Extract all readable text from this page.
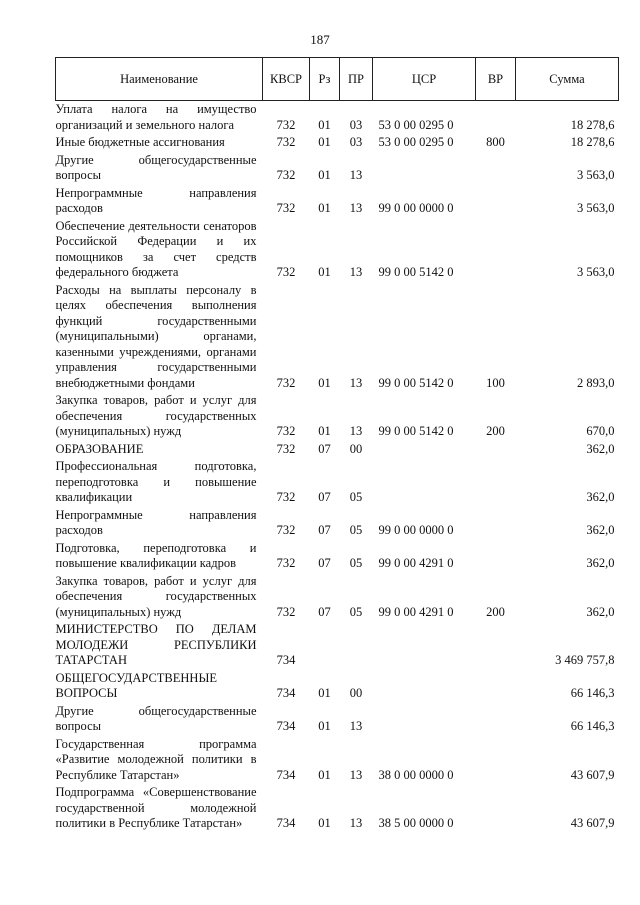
187
Наименование	КВСР	Рз	ПР	ЦСР	ВР	Сумма
Уплата налога на имущество организаций и земельного налога	732	01	03	53 0 00 0295 0		18 278,6
Иные бюджетные ассигнования	732	01	03	53 0 00 0295 0	800	18 278,6
Другие общегосударственные вопросы	732	01	13			3 563,0
Непрограммные направления расходов	732	01	13	99 0 00 0000 0		3 563,0
Обеспечение деятельности сенаторов Российской Федерации и их помощников за счет средств федерального бюджета	732	01	13	99 0 00 5142 0		3 563,0
Расходы на выплаты персоналу в целях обеспечения выполнения функций государственными (муниципальными) органами, казенными учреждениями, органами управления государственными внебюджетными фондами	732	01	13	99 0 00 5142 0	100	2 893,0
Закупка товаров, работ и услуг для обеспечения государственных (муниципальных) нужд	732	01	13	99 0 00 5142 0	200	670,0
ОБРАЗОВАНИЕ	732	07	00			362,0
Профессиональная подготовка, переподготовка и повышение квалификации	732	07	05			362,0
Непрограммные направления расходов	732	07	05	99 0 00 0000 0		362,0
Подготовка, переподготовка и повышение квалификации кадров	732	07	05	99 0 00 4291 0		362,0
Закупка товаров, работ и услуг для обеспечения государственных (муниципальных) нужд	732	07	05	99 0 00 4291 0	200	362,0
МИНИСТЕРСТВО ПО ДЕЛАМ МОЛОДЕЖИ РЕСПУБЛИКИ ТАТАРСТАН	734					3 469 757,8
ОБЩЕГОСУДАРСТВЕННЫЕ ВОПРОСЫ	734	01	00			66 146,3
Другие общегосударственные вопросы	734	01	13			66 146,3
Государственная программа «Развитие молодежной политики в Республике Татарстан»	734	01	13	38 0 00 0000 0		43 607,9
Подпрограмма «Совершенствование государственной молодежной политики в Республике Татарстан»	734	01	13	38 5 00 0000 0		43 607,9
